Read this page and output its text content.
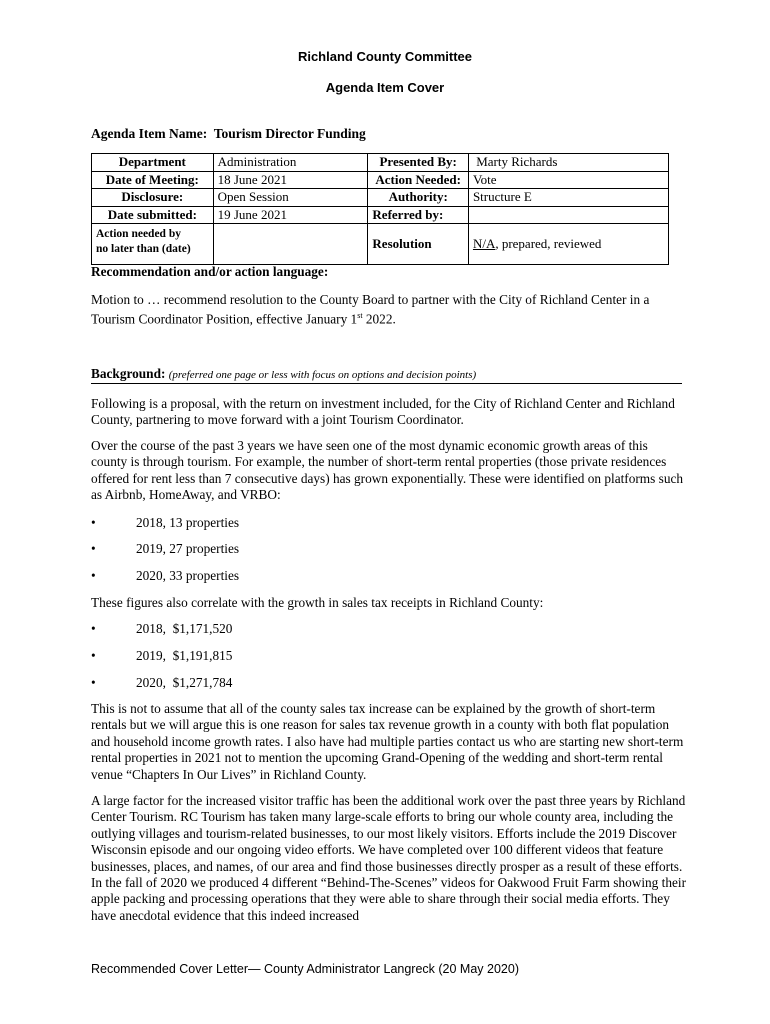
Richland County Committee
Agenda Item Cover
Agenda Item Name: Tourism Director Funding
Department	Administration	Presented By:	Marty Richards
Date of Meeting:	18 June 2021	Action Needed:	Vote
Disclosure:	Open Session	Authority:	Structure E
Date submitted:	19 June 2021	Referred by:	
Action needed by
no later than (date)		Resolution	N/A, prepared, reviewed
Recommendation and/or action language:
Motion to … recommend resolution to the County Board to partner with the City of Richland Center in a Tourism Coordinator Position, effective January 1st 2022.
Background: (preferred one page or less with focus on options and decision points)
Following is a proposal, with the return on investment included, for the City of Richland Center and Richland County, partnering to move forward with a joint Tourism Coordinator.
Over the course of the past 3 years we have seen one of the most dynamic economic growth areas of this county is through tourism. For example, the number of short-term rental properties (those private residences offered for rent less than 7 consecutive days) has grown exponentially. These were identified on platforms such as Airbnb, HomeAway, and VRBO:
•	2018, 13 properties
•	2019, 27 properties
•	2020, 33 properties
These figures also correlate with the growth in sales tax receipts in Richland County:
•	2018,  $1,171,520
•	2019,  $1,191,815
•	2020,  $1,271,784
This is not to assume that all of the county sales tax increase can be explained by the growth of short-term rentals but we will argue this is one reason for sales tax revenue growth in a county with both flat population and household income growth rates. I also have had multiple parties contact us who are starting new short-term rental properties in 2021 not to mention the upcoming Grand-Opening of the wedding and short-term rental venue “Chapters In Our Lives” in Richland County.
A large factor for the increased visitor traffic has been the additional work over the past three years by Richland Center Tourism. RC Tourism has taken many large-scale efforts to bring our whole county area, including the outlying villages and tourism-related businesses, to our most likely visitors. Efforts include the 2019 Discover Wisconsin episode and our ongoing video efforts. We have completed over 100 different videos that feature businesses, places, and names, of our area and find those businesses directly prosper as a result of these efforts. In the fall of 2020 we produced 4 different “Behind-The-Scenes” videos for Oakwood Fruit Farm showing their apple packing and processing operations that they were able to share through their social media efforts. They have anecdotal evidence that this indeed increased
Recommended Cover Letter— County Administrator Langreck (20 May 2020)
